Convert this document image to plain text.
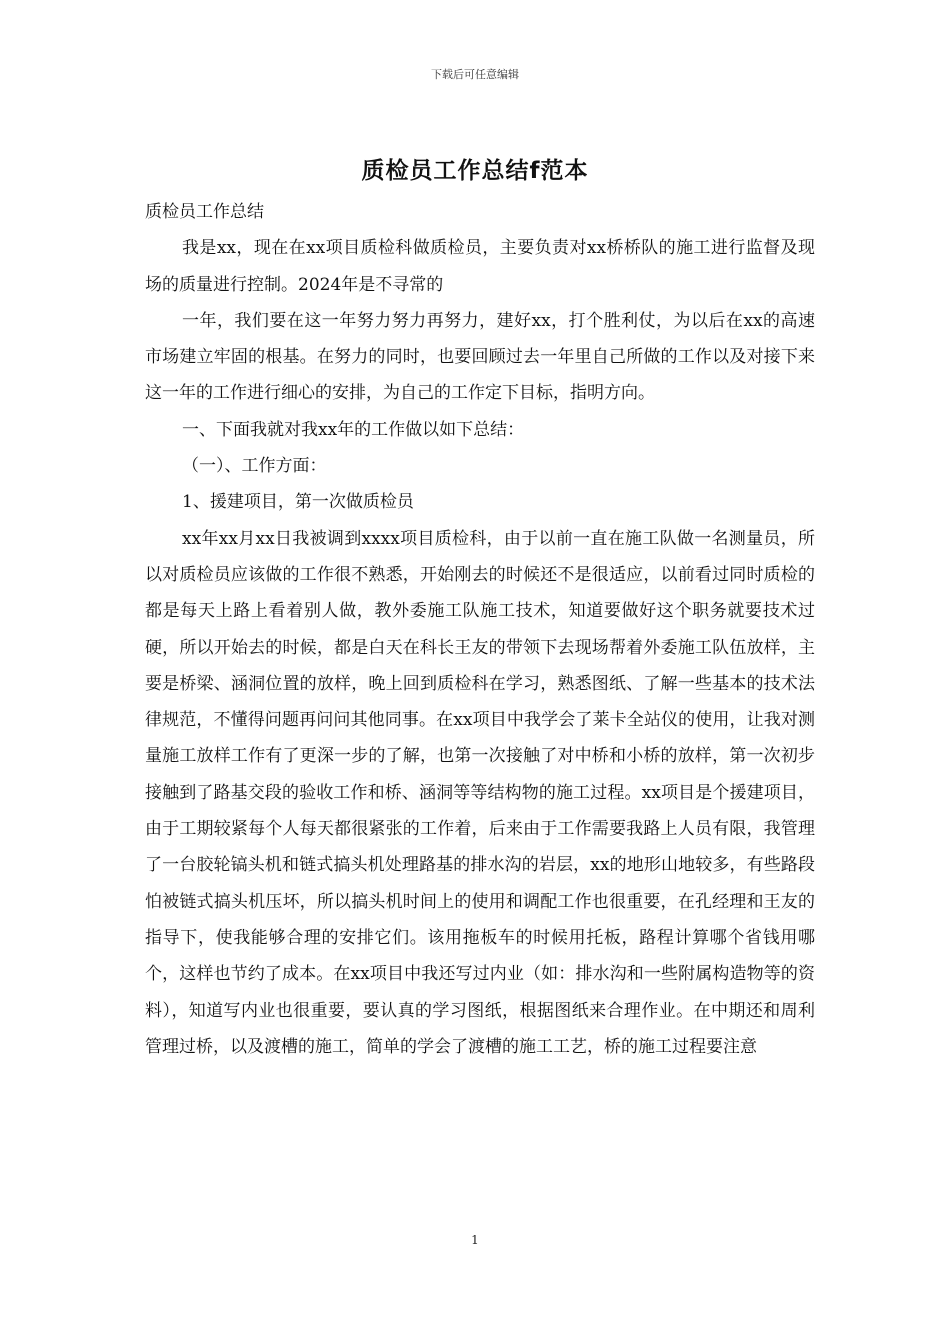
下载后可任意编辑
质检员工作总结f范本

质检员工作总结

我是xx，现在在xx项目质检科做质检员，主要负责对xx桥桥队的施工进行监督及现场的质量进行控制。2024年是不寻常的

一年，我们要在这一年努力努力再努力，建好xx，打个胜利仗，为以后在xx的高速市场建立牢固的根基。在努力的同时，也要回顾过去一年里自己所做的工作以及对接下来这一年的工作进行细心的安排，为自己的工作定下目标，指明方向。

一、下面我就对我xx年的工作做以如下总结：

（一）、工作方面：

1、援建项目，第一次做质检员

xx年xx月xx日我被调到xxxx项目质检科，由于以前一直在施工队做一名测量员，所以对质检员应该做的工作很不熟悉，开始刚去的时候还不是很适应，以前看过同时质检的都是每天上路上看着别人做，教外委施工队施工技术，知道要做好这个职务就要技术过硬，所以开始去的时候，都是白天在科长王友的带领下去现场帮着外委施工队伍放样，主要是桥梁、涵洞位置的放样，晚上回到质检科在学习，熟悉图纸、了解一些基本的技术法律规范，不懂得问题再问问其他同事。在xx项目中我学会了莱卡全站仪的使用，让我对测量施工放样工作有了更深一步的了解，也第一次接触了对中桥和小桥的放样，第一次初步接触到了路基交段的验收工作和桥、涵洞等等结构物的施工过程。xx项目是个援建项目，由于工期较紧每个人每天都很紧张的工作着，后来由于工作需要我路上人员有限，我管理了一台胶轮镐头机和链式搞头机处理路基的排水沟的岩层，xx的地形山地较多，有些路段怕被链式搞头机压坏，所以搞头机时间上的使用和调配工作也很重要，在孔经理和王友的指导下，使我能够合理的安排它们。该用拖板车的时候用托板，路程计算哪个省钱用哪个，这样也节约了成本。在xx项目中我还写过内业（如：排水沟和一些附属构造物等的资料），知道写内业也很重要，要认真的学习图纸，根据图纸来合理作业。在中期还和周利管理过桥，以及渡槽的施工，简单的学会了渡槽的施工工艺，桥的施工过程要注意

1
